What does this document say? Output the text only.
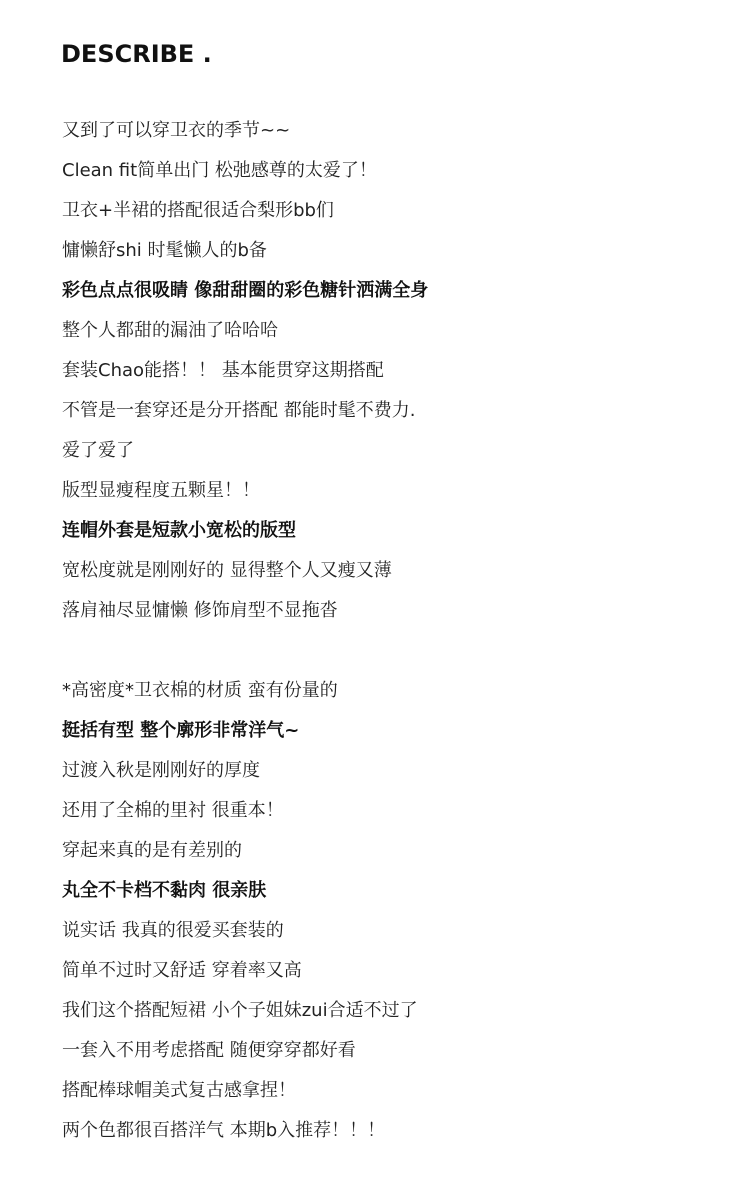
DESCRIBE .
又到了可以穿卫衣的季节~~
Clean fit简单出门 松弛感尊的太爱了！
卫衣+半裙的搭配很适合梨形bb们
慵懒舒shi 时髦懒人的b备
彩色点点很吸睛 像甜甜圈的彩色糖针洒满全身
整个人都甜的漏油了哈哈哈
套装Chao能搭！！ 基本能贯穿这期搭配
不管是一套穿还是分开搭配 都能时髦不费力.
爱了爱了
版型显瘦程度五颗星！！
连帽外套是短款小宽松的版型
宽松度就是刚刚好的 显得整个人又瘦又薄
落肩袖尽显慵懒 修饰肩型不显拖沓
*高密度*卫衣棉的材质 蛮有份量的
挺括有型 整个廓形非常洋气~
过渡入秋是刚刚好的厚度
还用了全棉的里衬 很重本！
穿起来真的是有差别的
丸全不卡档不黏肉 很亲肤
说实话 我真的很爱买套装的
简单不过时又舒适 穿着率又高
我们这个搭配短裙 小个子姐妹zui合适不过了
一套入不用考虑搭配 随便穿穿都好看
搭配棒球帽美式复古感拿捏！
两个色都很百搭洋气 本期b入推荐！！！
